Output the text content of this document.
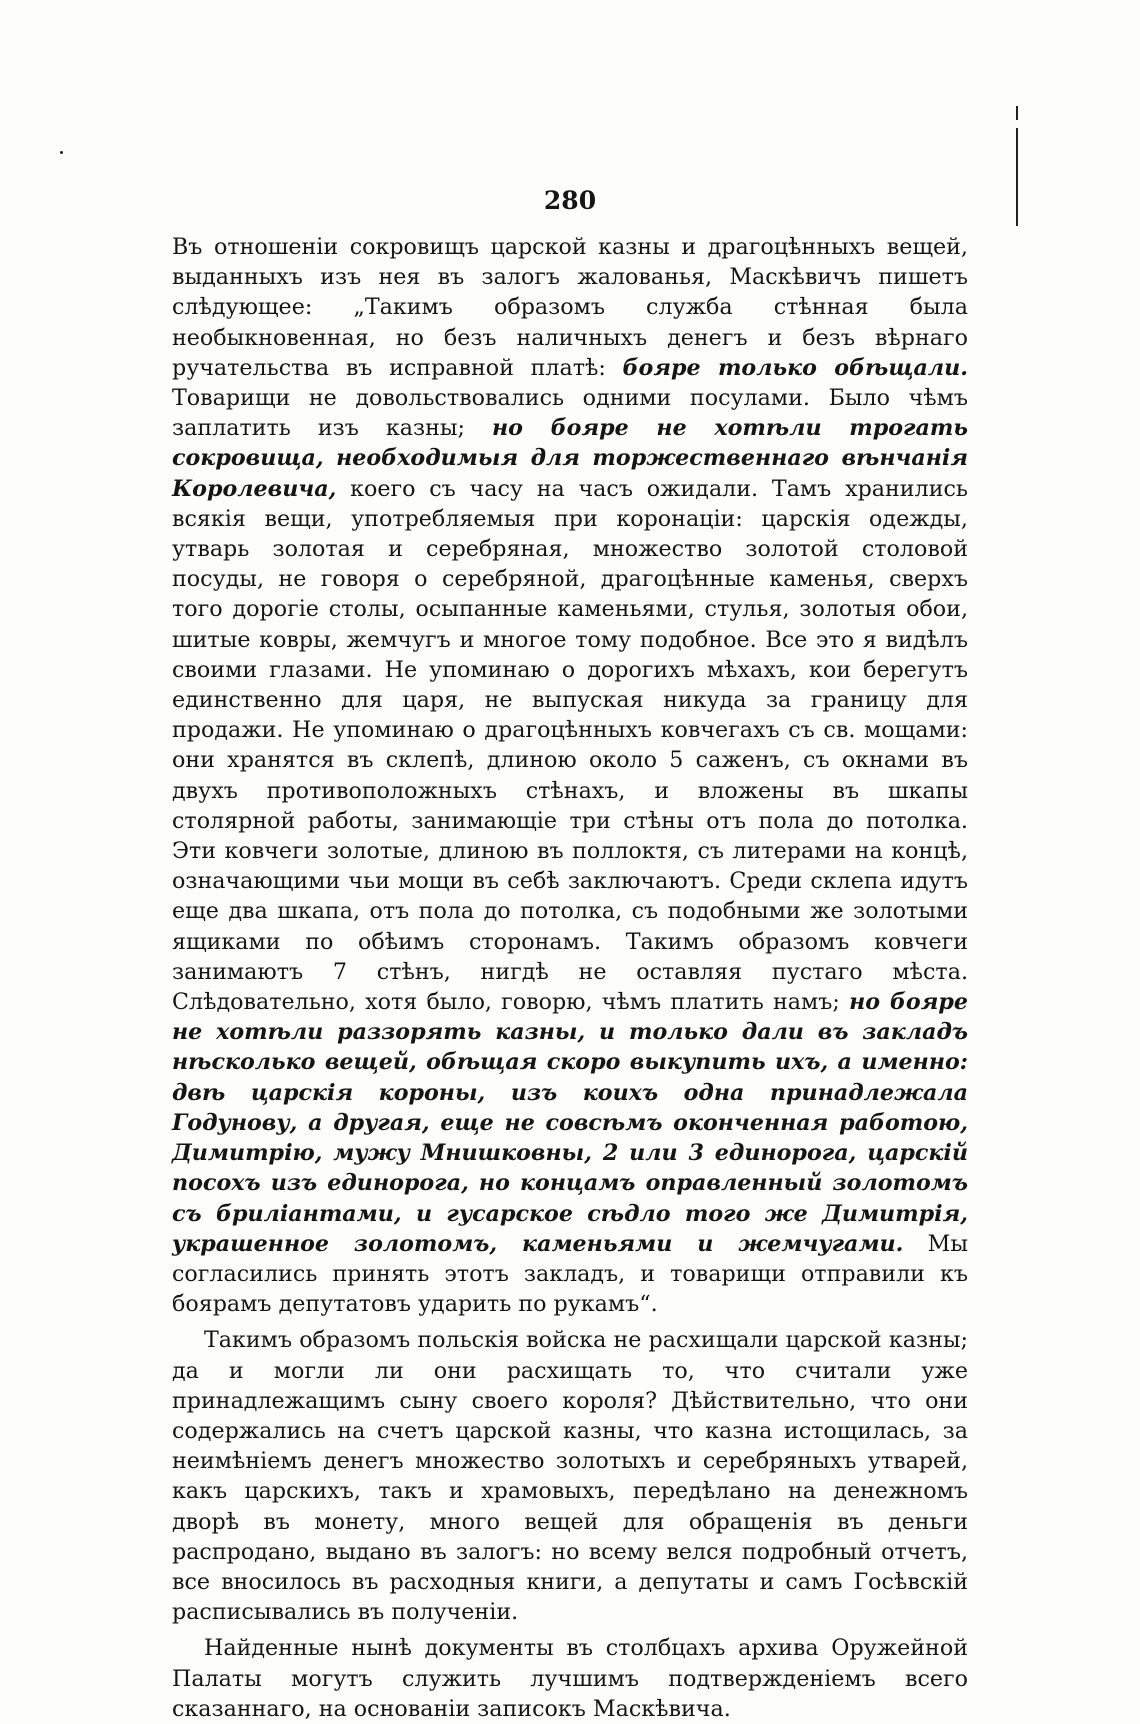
280

Въ отношенiи сокровищъ царской казны и драгоцѣнныхъ вещей, выданныхъ изъ нея въ залогъ жалованья, Маскѣвичъ пишетъ слѣдующее: „Такимъ образомъ служба стѣнная была необыкновенная, но безъ наличныхъ денегъ и безъ вѣрнаго ручательства въ исправной платѣ: бояре только обѣщали. Товарищи не довольствовались одними посулами. Было чѣмъ заплатить изъ казны; но бояре не хотѣли трогать сокровища, необходимыя для торжественнаго вѣнчанія Королевича, коего съ часу на часъ ожидали. Тамъ хранились всякія вещи, употребляемыя при коронаціи: царскія одежды, утварь золотая и серебряная, множество золотой столовой посуды, не говоря о серебряной, драгоцѣнные каменья, сверхъ того дорогіе столы, осыпанные каменьями, стулья, золотыя обои, шитые ковры, жемчугъ и многое тому подобное. Все это я видѣлъ своими глазами. Не упоминаю о дорогихъ мѣхахъ, кои берегутъ единственно для царя, не выпуская никуда за границу для продажи. Не упоминаю о драгоцѣнныхъ ковчегахъ съ св. мощами: они хранятся въ склепѣ, длиною около 5 саженъ, съ окнами въ двухъ противоположныхъ стѣнахъ, и вложены въ шкапы столярной работы, занимающіе три стѣны отъ пола до потолка. Эти ковчеги золотые, длиною въ поллоктя, съ литерами на концѣ, означающими чьи мощи въ себѣ заключаютъ. Среди склепа идутъ еще два шкапа, отъ пола до потолка, съ подобными же золотыми ящиками по обѣимъ сторонамъ. Такимъ образомъ ковчеги занимаютъ 7 стѣнъ, нигдѣ не оставляя пустаго мѣста. Слѣдовательно, хотя было, говорю, чѣмъ платить намъ; но бояре не хотѣли раззорять казны, и только дали въ закладъ нѣсколько вещей, обѣщая скоро выкупить ихъ, а именно: двѣ царскія короны, изъ коихъ одна принадлежала Годунову, а другая, еще не совсѣмъ оконченная работою, Димитрію, мужу Мнишковны, 2 или 3 единорога, царскій посохъ изъ единорога, но концамъ оправленный золотомъ съ бриліантами, и гусарское сѣдло того же Димитрія, украшенное золотомъ, каменьями и жемчугами. Мы согласились принять этотъ закладъ, и товарищи отправили къ боярамъ депутатовъ ударить по рукамъ“.

Такимъ образомъ польскія войска не расхищали царской казны; да и могли ли они расхищать то, что считали уже принадлежащимъ сыну своего короля? Дѣйствительно, что они содержались на счетъ царской казны, что казна истощилась, за неимѣніемъ денегъ множество золотыхъ и серебряныхъ утварей, какъ царскихъ, такъ и храмовыхъ, передѣлано на денежномъ дворѣ въ монету, много вещей для обращенія въ деньги распродано, выдано въ залогъ: но всему велся подробный отчетъ, все вносилось въ расходныя книги, а депутаты и самъ Госѣвскій расписывались въ полученіи.

Найденные нынѣ документы въ столбцахъ архива Оружейной Палаты могутъ служить лучшимъ подтвержденіемъ всего сказаннаго, на основаніи записокъ Маскѣвича.
